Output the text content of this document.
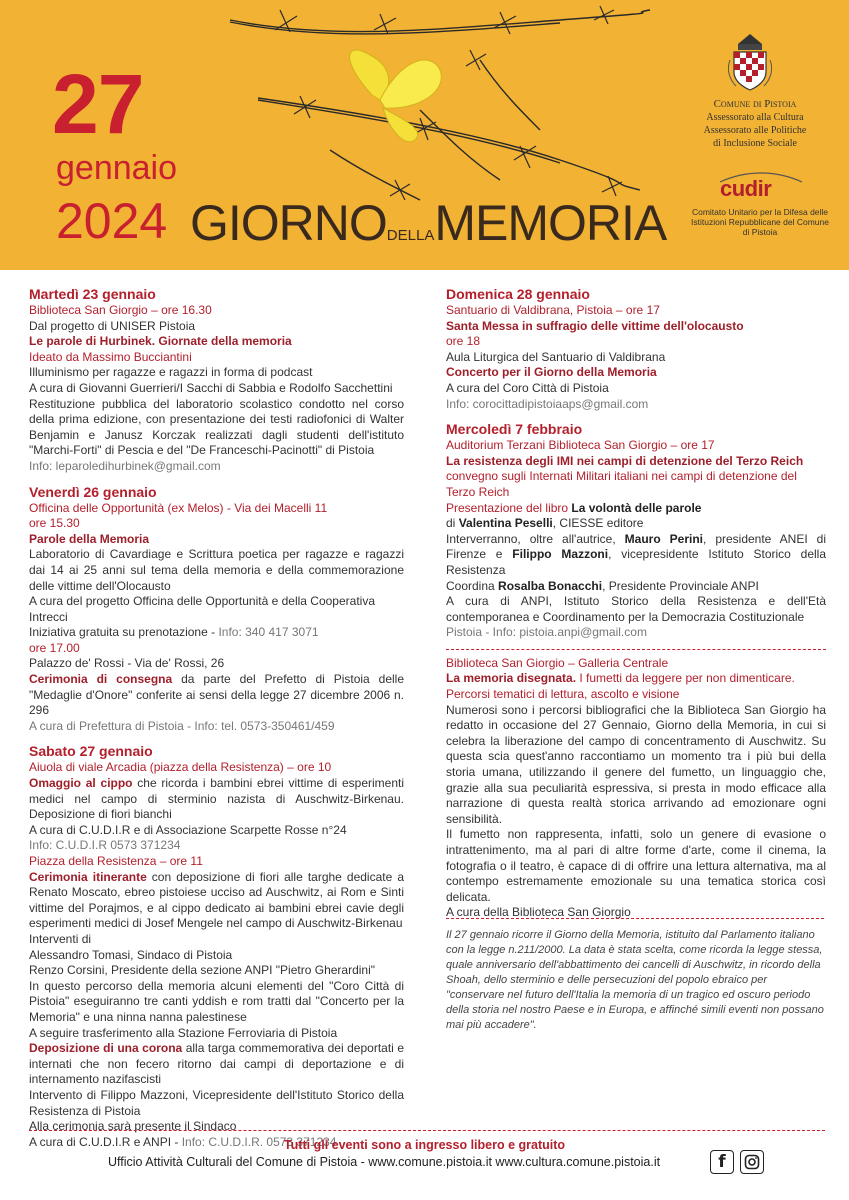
27
gennaio
2024 GIORNODELLAMEMORIA
Comune di Pistoia
Assessorato alla Cultura
Assessorato alle Politiche
di Inclusione Sociale
cudir
Comitato Unitario per la Difesa delle Istituzioni Repubblicane del Comune di Pistoia
Martedì 23 gennaio
Biblioteca San Giorgio – ore 16.30
Dal progetto di UNISER Pistoia
Le parole di Hurbinek. Giornate della memoria
Ideato da Massimo Bucciantini
Illuminismo per ragazze e ragazzi in forma di podcast
A cura di Giovanni Guerrieri/I Sacchi di Sabbia e Rodolfo Sacchettini
Restituzione pubblica del laboratorio scolastico condotto nel corso della prima edizione, con presentazione dei testi radiofonici di Walter Benjamin e Janusz Korczak realizzati dagli studenti dell'istituto "Marchi-Forti" di Pescia e del "De Franceschi-Pacinotti" di Pistoia
Info: leparoledihurbinek@gmail.com
Venerdì 26 gennaio
Officina delle Opportunità (ex Melos) - Via dei Macelli 11
ore 15.30
Parole della Memoria
Laboratorio di Cavardiage e Scrittura poetica per ragazze e ragazzi dai 14 ai 25 anni sul tema della memoria e della commemorazione delle vittime dell'Olocausto
A cura del progetto Officina delle Opportunità e della Cooperativa Intrecci
Iniziativa gratuita su prenotazione - Info: 340 417 3071
ore 17.00
Palazzo de' Rossi - Via de' Rossi, 26
Cerimonia di consegna da parte del Prefetto di Pistoia delle "Medaglie d'Onore" conferite ai sensi della legge 27 dicembre 2006 n. 296
A cura di Prefettura di Pistoia - Info: tel. 0573-350461/459
Sabato 27 gennaio
Aiuola di viale Arcadia (piazza della Resistenza) – ore 10
Omaggio al cippo che ricorda i bambini ebrei vittime di esperimenti medici nel campo di sterminio nazista di Auschwitz-Birkenau. Deposizione di fiori bianchi
A cura di C.U.D.I.R e di Associazione Scarpette Rosse n°24
Info: C.U.D.I.R 0573 371234
Piazza della Resistenza – ore 11
Cerimonia itinerante con deposizione di fiori alle targhe dedicate a Renato Moscato, ebreo pistoiese ucciso ad Auschwitz, ai Rom e Sinti vittime del Porajmos, e al cippo dedicato ai bambini ebrei cavie degli esperimenti medici di Josef Mengele nel campo di Auschwitz-Birkenau
Interventi di
Alessandro Tomasi, Sindaco di Pistoia
Renzo Corsini, Presidente della sezione ANPI "Pietro Gherardini"
In questo percorso della memoria alcuni elementi del "Coro Città di Pistoia" eseguiranno tre canti yddish e rom tratti dal "Concerto per la Memoria" e una ninna nanna palestinese
A seguire trasferimento alla Stazione Ferroviaria di Pistoia
Deposizione di una corona alla targa commemorativa dei deportati e internati che non fecero ritorno dai campi di deportazione e di internamento nazifascisti
Intervento di Filippo Mazzoni, Vicepresidente dell'Istituto Storico della Resistenza di Pistoia
Alla cerimonia sarà presente il Sindaco
A cura di C.U.D.I.R e ANPI - Info: C.U.D.I.R. 0573 371234
Domenica 28 gennaio
Santuario di Valdibrana, Pistoia – ore 17
Santa Messa in suffragio delle vittime dell'olocausto
ore 18
Aula Liturgica del Santuario di Valdibrana
Concerto per il Giorno della Memoria
A cura del Coro Città di Pistoia
Info: corocittadipistoiaaps@gmail.com
Mercoledì 7 febbraio
Auditorium Terzani Biblioteca San Giorgio – ore 17
La resistenza degli IMI nei campi di detenzione del Terzo Reich
convegno sugli Internati Militari italiani nei campi di detenzione del Terzo Reich
Presentazione del libro La volontà delle parole
di Valentina Peselli, CIESSE editore
Interverranno, oltre all'autrice, Mauro Perini, presidente ANEI di Firenze e Filippo Mazzoni, vicepresidente Istituto Storico della Resistenza
Coordina Rosalba Bonacchi, Presidente Provinciale ANPI
A cura di ANPI, Istituto Storico della Resistenza e dell'Età contemporanea e Coordinamento per la Democrazia Costituzionale
Pistoia - Info: pistoia.anpi@gmail.com
Biblioteca San Giorgio – Galleria Centrale
La memoria disegnata. I fumetti da leggere per non dimenticare.
Percorsi tematici di lettura, ascolto e visione
Numerosi sono i percorsi bibliografici che la Biblioteca San Giorgio ha redatto in occasione del 27 Gennaio, Giorno della Memoria, in cui si celebra la liberazione del campo di concentramento di Auschwitz. Su questa scia quest'anno raccontiamo un momento tra i più bui della storia umana, utilizzando il genere del fumetto, un linguaggio che, grazie alla sua peculiarità espressiva, si presta in modo efficace alla narrazione di questa realtà storica arrivando ad emozionare ogni sensibilità.
Il fumetto non rappresenta, infatti, solo un genere di evasione o intrattenimento, ma al pari di altre forme d'arte, come il cinema, la fotografia o il teatro, è capace di di offrire una lettura alternativa, ma al contempo estremamente emozionale su una tematica storica così delicata.
A cura della Biblioteca San Giorgio
Il 27 gennaio ricorre il Giorno della Memoria, istituito dal Parlamento italiano con la legge n.211/2000. La data è stata scelta, come ricorda la legge stessa, quale anniversario dell'abbattimento dei cancelli di Auschwitz, in ricordo della Shoah, dello sterminio e delle persecuzioni del popolo ebraico per "conservare nel futuro dell'Italia la memoria di un tragico ed oscuro periodo della storia nel nostro Paese e in Europa, e affinché simili eventi non possano mai più accadere".
Tutti gli eventi sono a ingresso libero e gratuito
Ufficio Attività Culturali del Comune di Pistoia - www.comune.pistoia.it www.cultura.comune.pistoia.it	f
